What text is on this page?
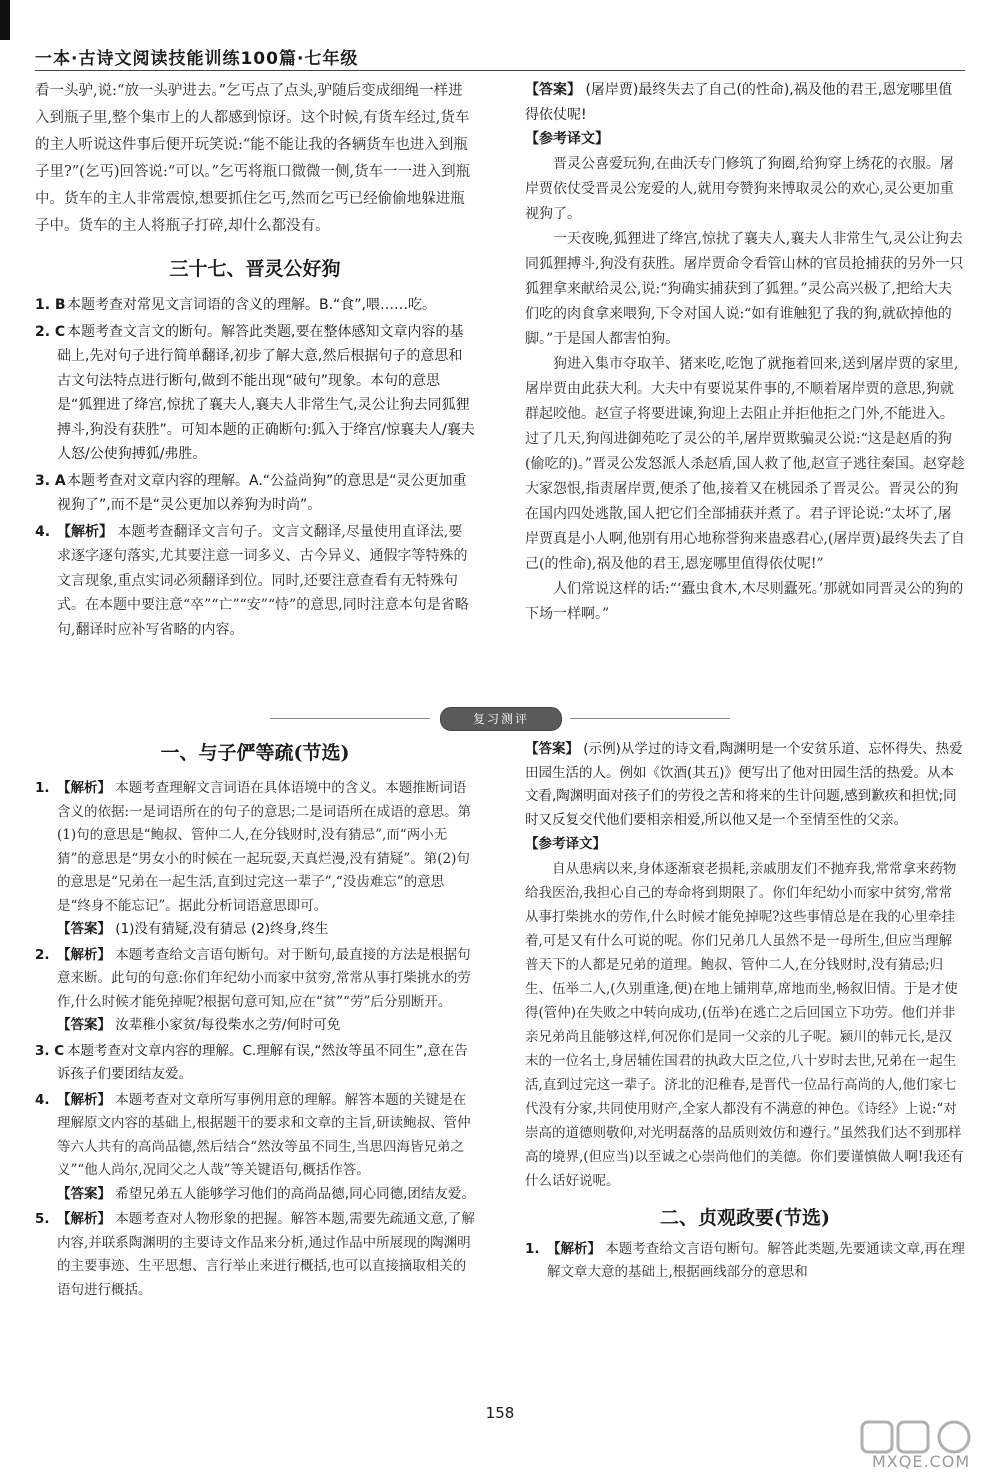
一本·古诗文阅读技能训练100篇·七年级

看一头驴,说:“放一头驴进去。”乞丐点了点头,驴随后变成细绳一样进入到瓶子里,整个集市上的人都感到惊讶。这个时候,有货车经过,货车的主人听说这件事后便开玩笑说:“能不能让我的各辆货车也进入到瓶子里?”(乞丐)回答说:“可以。”乞丐将瓶口微微一侧,货车一一进入到瓶中。货车的主人非常震惊,想要抓住乞丐,然而乞丐已经偷偷地躲进瓶子中。货车的主人将瓶子打碎,却什么都没有。

三十七、晋灵公好狗
1. B 本题考查对常见文言词语的含义的理解。B.“食”,喂……吃。
2. C 本题考查文言文的断句。解答此类题,要在整体感知文章内容的基础上,先对句子进行简单翻译,初步了解大意,然后根据句子的意思和古文句法特点进行断句,做到不能出现“破句”现象。本句的意思是“狐狸进了绛宫,惊扰了襄夫人,襄夫人非常生气,灵公让狗去同狐狸搏斗,狗没有获胜”。可知本题的正确断句:狐入于绛宫/惊襄夫人/襄夫人怒/公使狗搏狐/弗胜。
3. A 本题考查对文章内容的理解。A.“公益尚狗”的意思是“灵公更加重视狗了”,而不是“灵公更加以养狗为时尚”。
4. 【解析】 本题考查翻译文言句子。文言文翻译,尽量使用直译法,要求逐字逐句落实,尤其要注意一词多义、古今异义、通假字等特殊的文言现象,重点实词必须翻译到位。同时,还要注意查看有无特殊句式。在本题中要注意“卒”“亡”“安”“恃”的意思,同时注意本句是省略句,翻译时应补写省略的内容。
【答案】 (屠岸贾)最终失去了自己(的性命),祸及他的君王,恩宠哪里值得依仗呢!
【参考译文】

晋灵公喜爱玩狗,在曲沃专门修筑了狗圈,给狗穿上绣花的衣服。屠岸贾依仗受晋灵公宠爱的人,就用夸赞狗来博取灵公的欢心,灵公更加重视狗了。

一天夜晚,狐狸进了绛宫,惊扰了襄夫人,襄夫人非常生气,灵公让狗去同狐狸搏斗,狗没有获胜。屠岸贾命令看管山林的官员抢捕获的另外一只狐狸拿来献给灵公,说:“狗确实捕获到了狐狸。”灵公高兴极了,把给大夫们吃的肉食拿来喂狗,下令对国人说:“如有谁触犯了我的狗,就砍掉他的脚。”于是国人都害怕狗。

狗进入集市夺取羊、猪来吃,吃饱了就拖着回来,送到屠岸贾的家里,屠岸贾由此获大利。大夫中有要说某件事的,不顺着屠岸贾的意思,狗就群起咬他。赵宣子将要进谏,狗迎上去阻止并拒他拒之门外,不能进入。过了几天,狗闯进御苑吃了灵公的羊,屠岸贾欺骗灵公说:“这是赵盾的狗(偷吃的)。”晋灵公发怒派人杀赵盾,国人救了他,赵宣子逃往秦国。赵穿趁大家怨恨,指责屠岸贾,便杀了他,接着又在桃园杀了晋灵公。晋灵公的狗在国内四处逃散,国人把它们全部捕获并煮了。君子评论说:“太坏了,屠岸贾真是小人啊,他别有用心地称誉狗来蛊惑君心,(屠岸贾)最终失去了自己(的性命),祸及他的君王,恩宠哪里值得依仗呢!”

人们常说这样的话:“‘蠹虫食木,木尽则蠹死。’那就如同晋灵公的狗的下场一样啊。”

复习测评
一、与子俨等疏(节选)
1. 【解析】 本题考查理解文言词语在具体语境中的含义。本题推断词语含义的依据:一是词语所在的句子的意思;二是词语所在成语的意思。第(1)句的意思是“鲍叔、管仲二人,在分钱财时,没有猜忌”,而“两小无猜”的意思是“男女小的时候在一起玩耍,天真烂漫,没有猜疑”。第(2)句的意思是“兄弟在一起生活,直到过完这一辈子”,“没齿难忘”的意思是“终身不能忘记”。据此分析词语意思即可。
【答案】 (1)没有猜疑,没有猜忌 (2)终身,终生
2. 【解析】 本题考查给文言语句断句。对于断句,最直接的方法是根据句意来断。此句的句意:你们年纪幼小而家中贫穷,常常从事打柴挑水的劳作,什么时候才能免掉呢?根据句意可知,应在“贫”“劳”后分别断开。
【答案】 汝辈稚小家贫/每役柴水之劳/何时可免
3. C 本题考查对文章内容的理解。C.理解有误,“然汝等虽不同生”,意在告诉孩子们要团结友爱。
4. 【解析】 本题考查对文章所写事例用意的理解。解答本题的关键是在理解原文内容的基础上,根据题干的要求和文章的主旨,研读鲍叔、管仲等六人共有的高尚品德,然后结合“然汝等虽不同生,当思四海皆兄弟之义”“他人尚尔,况同父之人哉”等关键语句,概括作答。
【答案】 希望兄弟五人能够学习他们的高尚品德,同心同德,团结友爱。
5. 【解析】 本题考查对人物形象的把握。解答本题,需要先疏通文意,了解内容,并联系陶渊明的主要诗文作品来分析,通过作品中所展现的陶渊明的主要事迹、生平思想、言行举止来进行概括,也可以直接摘取相关的语句进行概括。
【答案】 (示例)从学过的诗文看,陶渊明是一个安贫乐道、忘怀得失、热爱田园生活的人。例如《饮酒(其五)》便写出了他对田园生活的热爱。从本文看,陶渊明面对孩子们的劳役之苦和将来的生计问题,感到歉疚和担忧;同时又反复交代他们要相亲相爱,所以他又是一个至情至性的父亲。
【参考译文】

自从患病以来,身体逐渐衰老损耗,亲戚朋友们不抛弃我,常常拿来药物给我医治,我担心自己的寿命将到期限了。你们年纪幼小而家中贫穷,常常从事打柴挑水的劳作,什么时候才能免掉呢?这些事情总是在我的心里牵挂着,可是又有什么可说的呢。你们兄弟几人虽然不是一母所生,但应当理解普天下的人都是兄弟的道理。鲍叔、管仲二人,在分钱财时,没有猜忌;归生、伍举二人,(久别重逢,便)在地上铺荆草,席地而坐,畅叙旧情。于是才使得(管仲)在失败之中转向成功,(伍举)在逃亡之后回国立下功劳。他们并非亲兄弟尚且能够这样,何况你们是同一父亲的儿子呢。颍川的韩元长,是汉末的一位名士,身居辅佐国君的执政大臣之位,八十岁时去世,兄弟在一起生活,直到过完这一辈子。济北的氾稚春,是晋代一位品行高尚的人,他们家七代没有分家,共同使用财产,全家人都没有不满意的神色。《诗经》上说:“对崇高的道德则敬仰,对光明磊落的品质则效仿和遵行。”虽然我们达不到那样高的境界,(但应当)以至诚之心崇尚他们的美德。你们要谨慎做人啊!我还有什么话好说呢。

二、贞观政要(节选)
1. 【解析】 本题考查给文言语句断句。解答此类题,先要通读文章,再在理解文章大意的基础上,根据画线部分的意思和
158
MXQE.COM
